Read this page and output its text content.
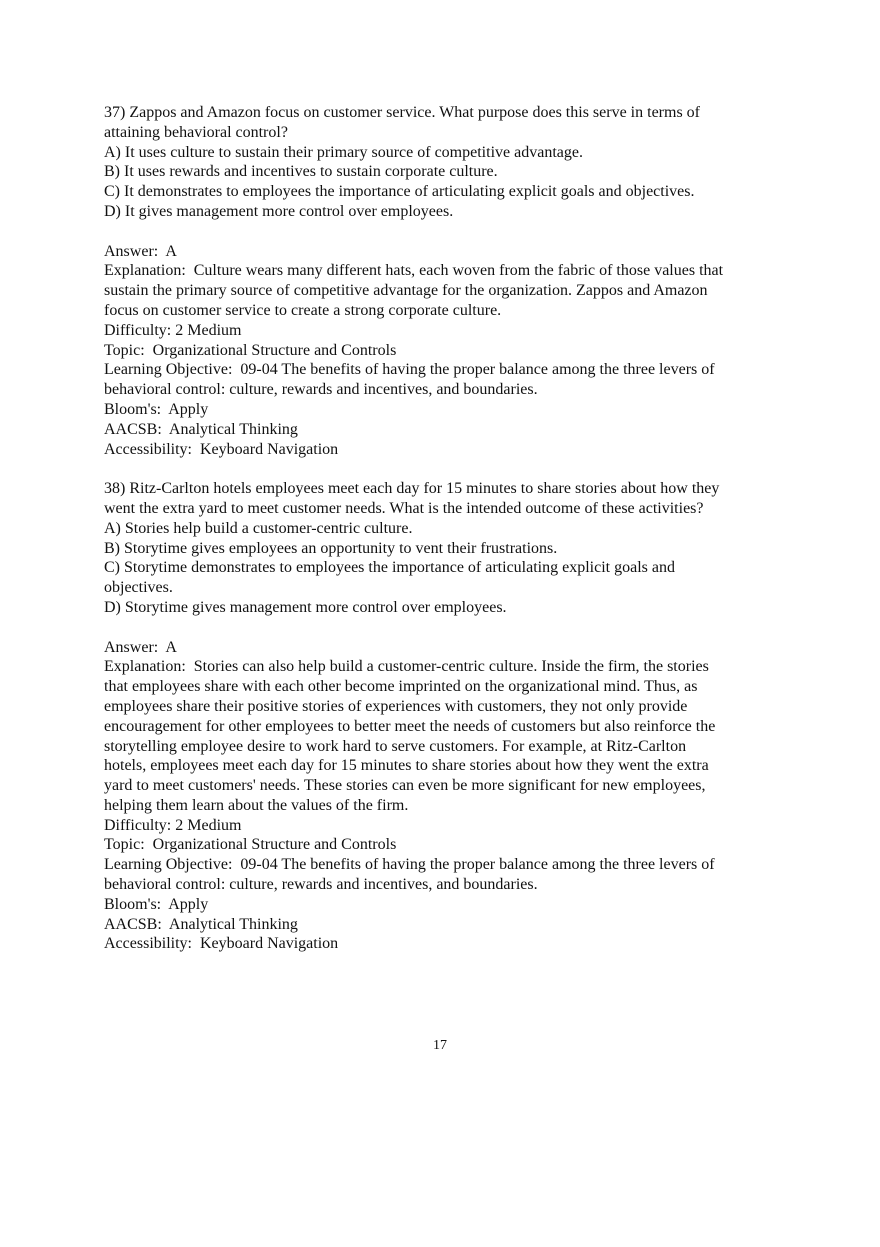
37) Zappos and Amazon focus on customer service. What purpose does this serve in terms of
attaining behavioral control?
A) It uses culture to sustain their primary source of competitive advantage.
B) It uses rewards and incentives to sustain corporate culture.
C) It demonstrates to employees the importance of articulating explicit goals and objectives.
D) It gives management more control over employees.
Answer:  A
Explanation:  Culture wears many different hats, each woven from the fabric of those values that
sustain the primary source of competitive advantage for the organization. Zappos and Amazon
focus on customer service to create a strong corporate culture.
Difficulty: 2 Medium
Topic:  Organizational Structure and Controls
Learning Objective:  09-04 The benefits of having the proper balance among the three levers of
behavioral control: culture, rewards and incentives, and boundaries.
Bloom's:  Apply
AACSB:  Analytical Thinking
Accessibility:  Keyboard Navigation
38) Ritz-Carlton hotels employees meet each day for 15 minutes to share stories about how they
went the extra yard to meet customer needs. What is the intended outcome of these activities?
A) Stories help build a customer-centric culture.
B) Storytime gives employees an opportunity to vent their frustrations.
C) Storytime demonstrates to employees the importance of articulating explicit goals and
objectives.
D) Storytime gives management more control over employees.
Answer:  A
Explanation:  Stories can also help build a customer-centric culture. Inside the firm, the stories
that employees share with each other become imprinted on the organizational mind. Thus, as
employees share their positive stories of experiences with customers, they not only provide
encouragement for other employees to better meet the needs of customers but also reinforce the
storytelling employee desire to work hard to serve customers. For example, at Ritz-Carlton
hotels, employees meet each day for 15 minutes to share stories about how they went the extra
yard to meet customers' needs. These stories can even be more significant for new employees,
helping them learn about the values of the firm.
Difficulty: 2 Medium
Topic:  Organizational Structure and Controls
Learning Objective:  09-04 The benefits of having the proper balance among the three levers of
behavioral control: culture, rewards and incentives, and boundaries.
Bloom's:  Apply
AACSB:  Analytical Thinking
Accessibility:  Keyboard Navigation
17
